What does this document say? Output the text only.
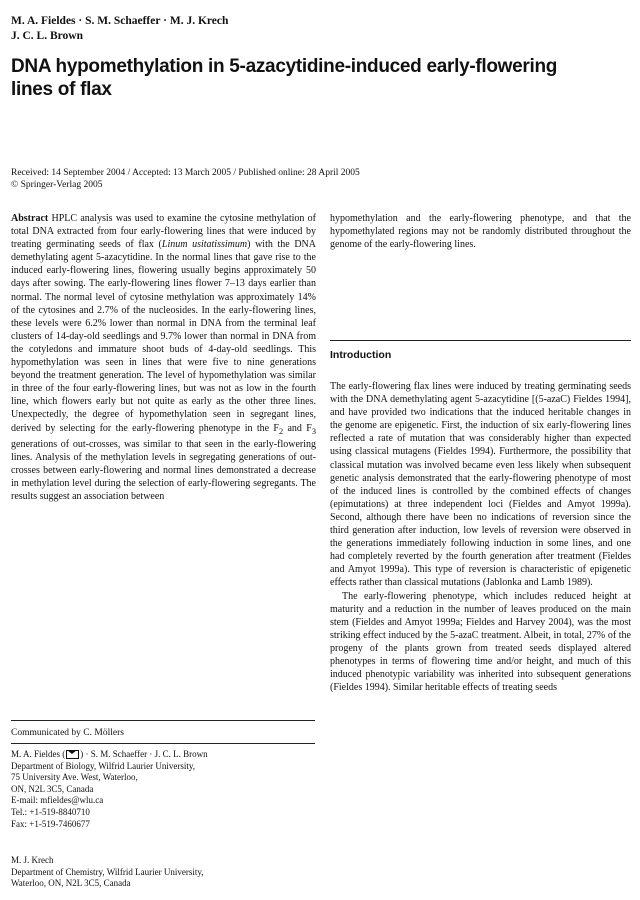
M. A. Fieldes · S. M. Schaeffer · M. J. Krech
J. C. L. Brown
DNA hypomethylation in 5-azacytidine-induced early-flowering lines of flax
Received: 14 September 2004 / Accepted: 13 March 2005 / Published online: 28 April 2005
© Springer-Verlag 2005

Abstract HPLC analysis was used to examine the cytosine methylation of total DNA extracted from four early-flowering lines that were induced by treating germinating seeds of flax (Linum usitatissimum) with the DNA demethylating agent 5-azacytidine. In the normal lines that gave rise to the induced early-flowering lines, flowering usually begins approximately 50 days after sowing. The early-flowering lines flower 7–13 days earlier than normal. The normal level of cytosine methylation was approximately 14% of the cytosines and 2.7% of the nucleosides. In the early-flowering lines, these levels were 6.2% lower than normal in DNA from the terminal leaf clusters of 14-day-old seedlings and 9.7% lower than normal in DNA from the cotyledons and immature shoot buds of 4-day-old seedlings. This hypomethylation was seen in lines that were five to nine generations beyond the treatment generation. The level of hypomethylation was similar in three of the four early-flowering lines, but was not as low in the fourth line, which flowers early but not quite as early as the other three lines. Unexpectedly, the degree of hypomethylation seen in segregant lines, derived by selecting for the early-flowering phenotype in the $F_2$ and $F_3$ generations of out-crosses, was similar to that seen in the early-flowering lines. Analysis of the methylation levels in segregating generations of out-crosses between early-flowering and normal lines demonstrated a decrease in methylation level during the selection of early-flowering segregants. The results suggest an association between

Communicated by C. Möllers
M. A. Fieldes ( ) · S. M. Schaeffer · J. C. L. Brown
Department of Biology, Wilfrid Laurier University,
75 University Ave. West, Waterloo,
ON, N2L 3C5, Canada
E-mail: mfieldes@wlu.ca
Tel.: +1-519-8840710
Fax: +1-519-7460677
M. J. Krech
Department of Chemistry, Wilfrid Laurier University,
Waterloo, ON, N2L 3C5, Canada

hypomethylation and the early-flowering phenotype, and that the hypomethylated regions may not be randomly distributed throughout the genome of the early-flowering lines.

Introduction

The early-flowering flax lines were induced by treating germinating seeds with the DNA demethylating agent 5-azacytidine [(5-azaC) Fieldes 1994], and have provided two indications that the induced heritable changes in the genome are epigenetic. First, the induction of six early-flowering lines reflected a rate of mutation that was considerably higher than expected using classical mutagens (Fieldes 1994). Furthermore, the possibility that classical mutation was involved became even less likely when subsequent genetic analysis demonstrated that the early-flowering phenotype of most of the induced lines is controlled by the combined effects of changes (epimutations) at three independent loci (Fieldes and Amyot 1999a). Second, although there have been no indications of reversion since the third generation after induction, low levels of reversion were observed in the generations immediately following induction in some lines, and one had completely reverted by the fourth generation after treatment (Fieldes and Amyot 1999a). This type of reversion is characteristic of epigenetic effects rather than classical mutations (Jablonka and Lamb 1989).

The early-flowering phenotype, which includes reduced height at maturity and a reduction in the number of leaves produced on the main stem (Fieldes and Amyot 1999a; Fieldes and Harvey 2004), was the most striking effect induced by the 5-azaC treatment. Albeit, in total, 27% of the progeny of the plants grown from treated seeds displayed altered phenotypes in terms of flowering time and/or height, and much of this induced phenotypic variability was inherited into subsequent generations (Fieldes 1994). Similar heritable effects of treating seeds
